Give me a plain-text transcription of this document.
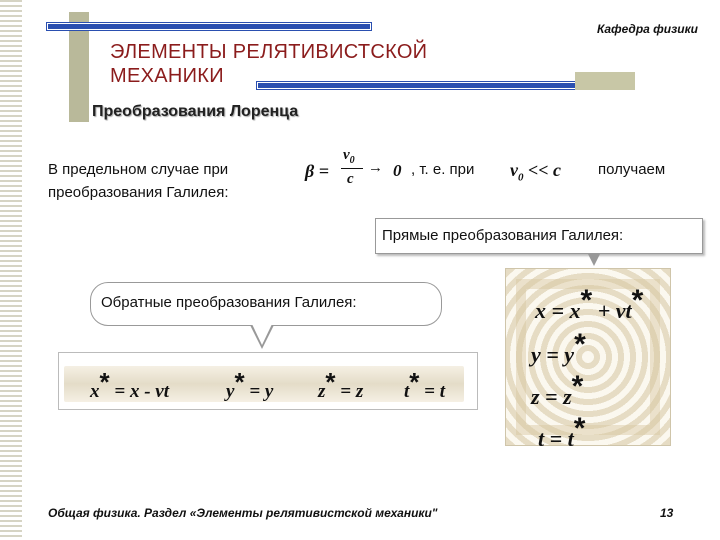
ЭЛЕМЕНТЫ РЕЛЯТИВИСТСКОЙ
МЕХАНИКИ
Кафедра физики
Преобразования Лоренца
В предельном случае при	, т. е. при	получаем
преобразования Галилея:
β =
$v_0$
c
→ 0	$v_0 << c$
Прямые преобразования Галилея:
x = x* + vt*
y = y*
z = z*
t = t*
Обратные преобразования Галилея:
x* = x - vt	y* = y z* = z t* = t
Общая физика. Раздел «Элементы релятивистской механики"	13
